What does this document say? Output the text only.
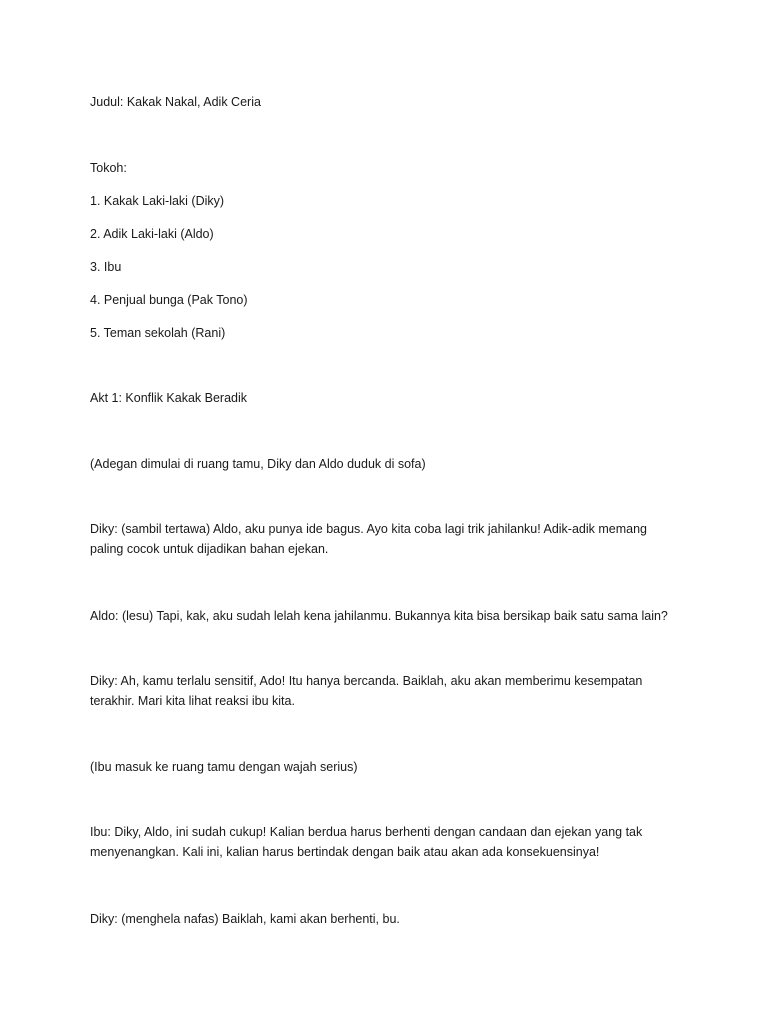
Judul: Kakak Nakal, Adik Ceria
Tokoh:
1. Kakak Laki-laki (Diky)
2. Adik Laki-laki (Aldo)
3. Ibu
4. Penjual bunga (Pak Tono)
5. Teman sekolah (Rani)
Akt 1: Konflik Kakak Beradik
(Adegan dimulai di ruang tamu, Diky dan Aldo duduk di sofa)
Diky: (sambil tertawa) Aldo, aku punya ide bagus. Ayo kita coba lagi trik jahilanku! Adik-adik memang paling cocok untuk dijadikan bahan ejekan.
Aldo: (lesu) Tapi, kak, aku sudah lelah kena jahilanmu. Bukannya kita bisa bersikap baik satu sama lain?
Diky: Ah, kamu terlalu sensitif, Ado! Itu hanya bercanda. Baiklah, aku akan memberimu kesempatan terakhir. Mari kita lihat reaksi ibu kita.
(Ibu masuk ke ruang tamu dengan wajah serius)
Ibu: Diky, Aldo, ini sudah cukup! Kalian berdua harus berhenti dengan candaan dan ejekan yang tak menyenangkan. Kali ini, kalian harus bertindak dengan baik atau akan ada konsekuensinya!
Diky: (menghela nafas) Baiklah, kami akan berhenti, bu.
